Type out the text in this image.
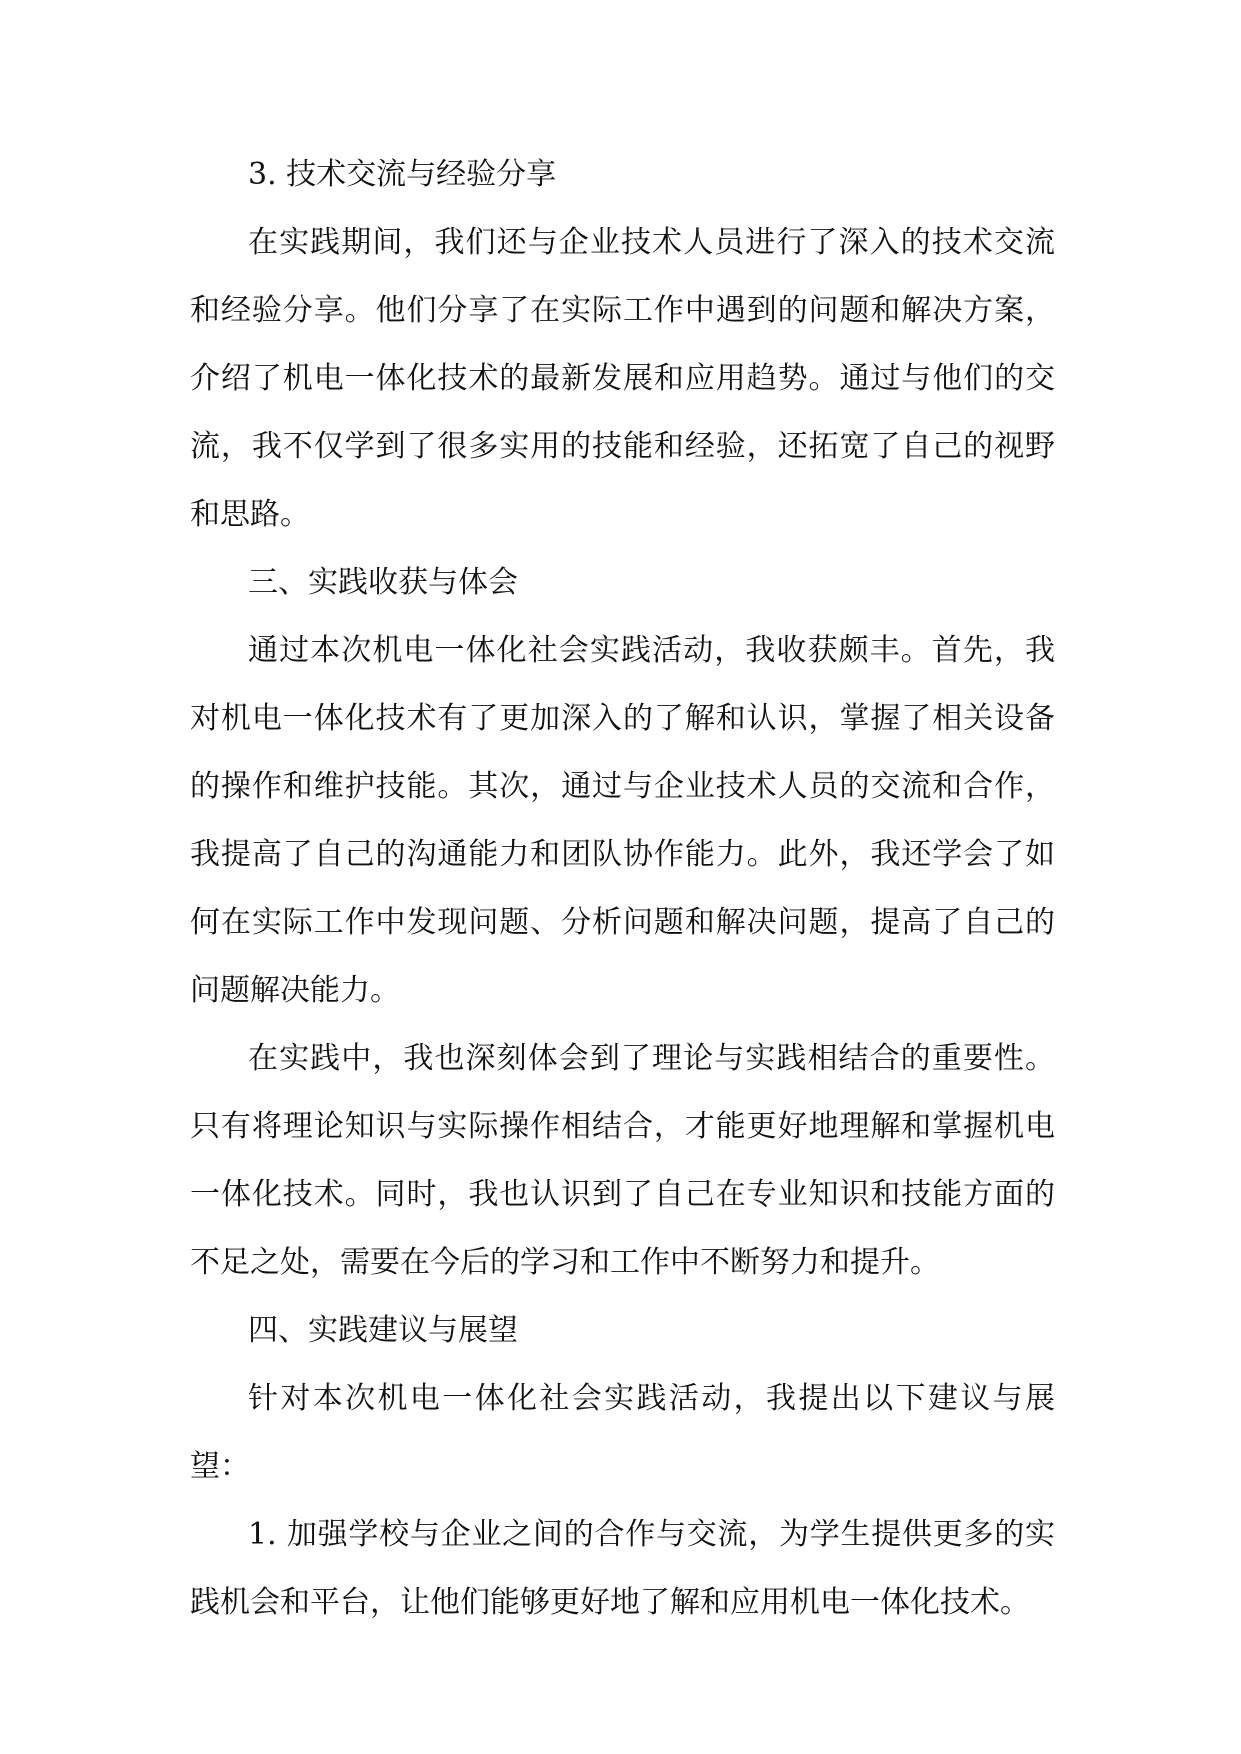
3. 技术交流与经验分享

在实践期间，我们还与企业技术人员进行了深入的技术交流和经验分享。他们分享了在实际工作中遇到的问题和解决方案，介绍了机电一体化技术的最新发展和应用趋势。通过与他们的交流，我不仅学到了很多实用的技能和经验，还拓宽了自己的视野和思路。

三、实践收获与体会

通过本次机电一体化社会实践活动，我收获颇丰。首先，我对机电一体化技术有了更加深入的了解和认识，掌握了相关设备的操作和维护技能。其次，通过与企业技术人员的交流和合作，我提高了自己的沟通能力和团队协作能力。此外，我还学会了如何在实际工作中发现问题、分析问题和解决问题，提高了自己的问题解决能力。

在实践中，我也深刻体会到了理论与实践相结合的重要性。只有将理论知识与实际操作相结合，才能更好地理解和掌握机电一体化技术。同时，我也认识到了自己在专业知识和技能方面的不足之处，需要在今后的学习和工作中不断努力和提升。

四、实践建议与展望

针对本次机电一体化社会实践活动，我提出以下建议与展望：

1. 加强学校与企业之间的合作与交流，为学生提供更多的实践机会和平台，让他们能够更好地了解和应用机电一体化技术。
